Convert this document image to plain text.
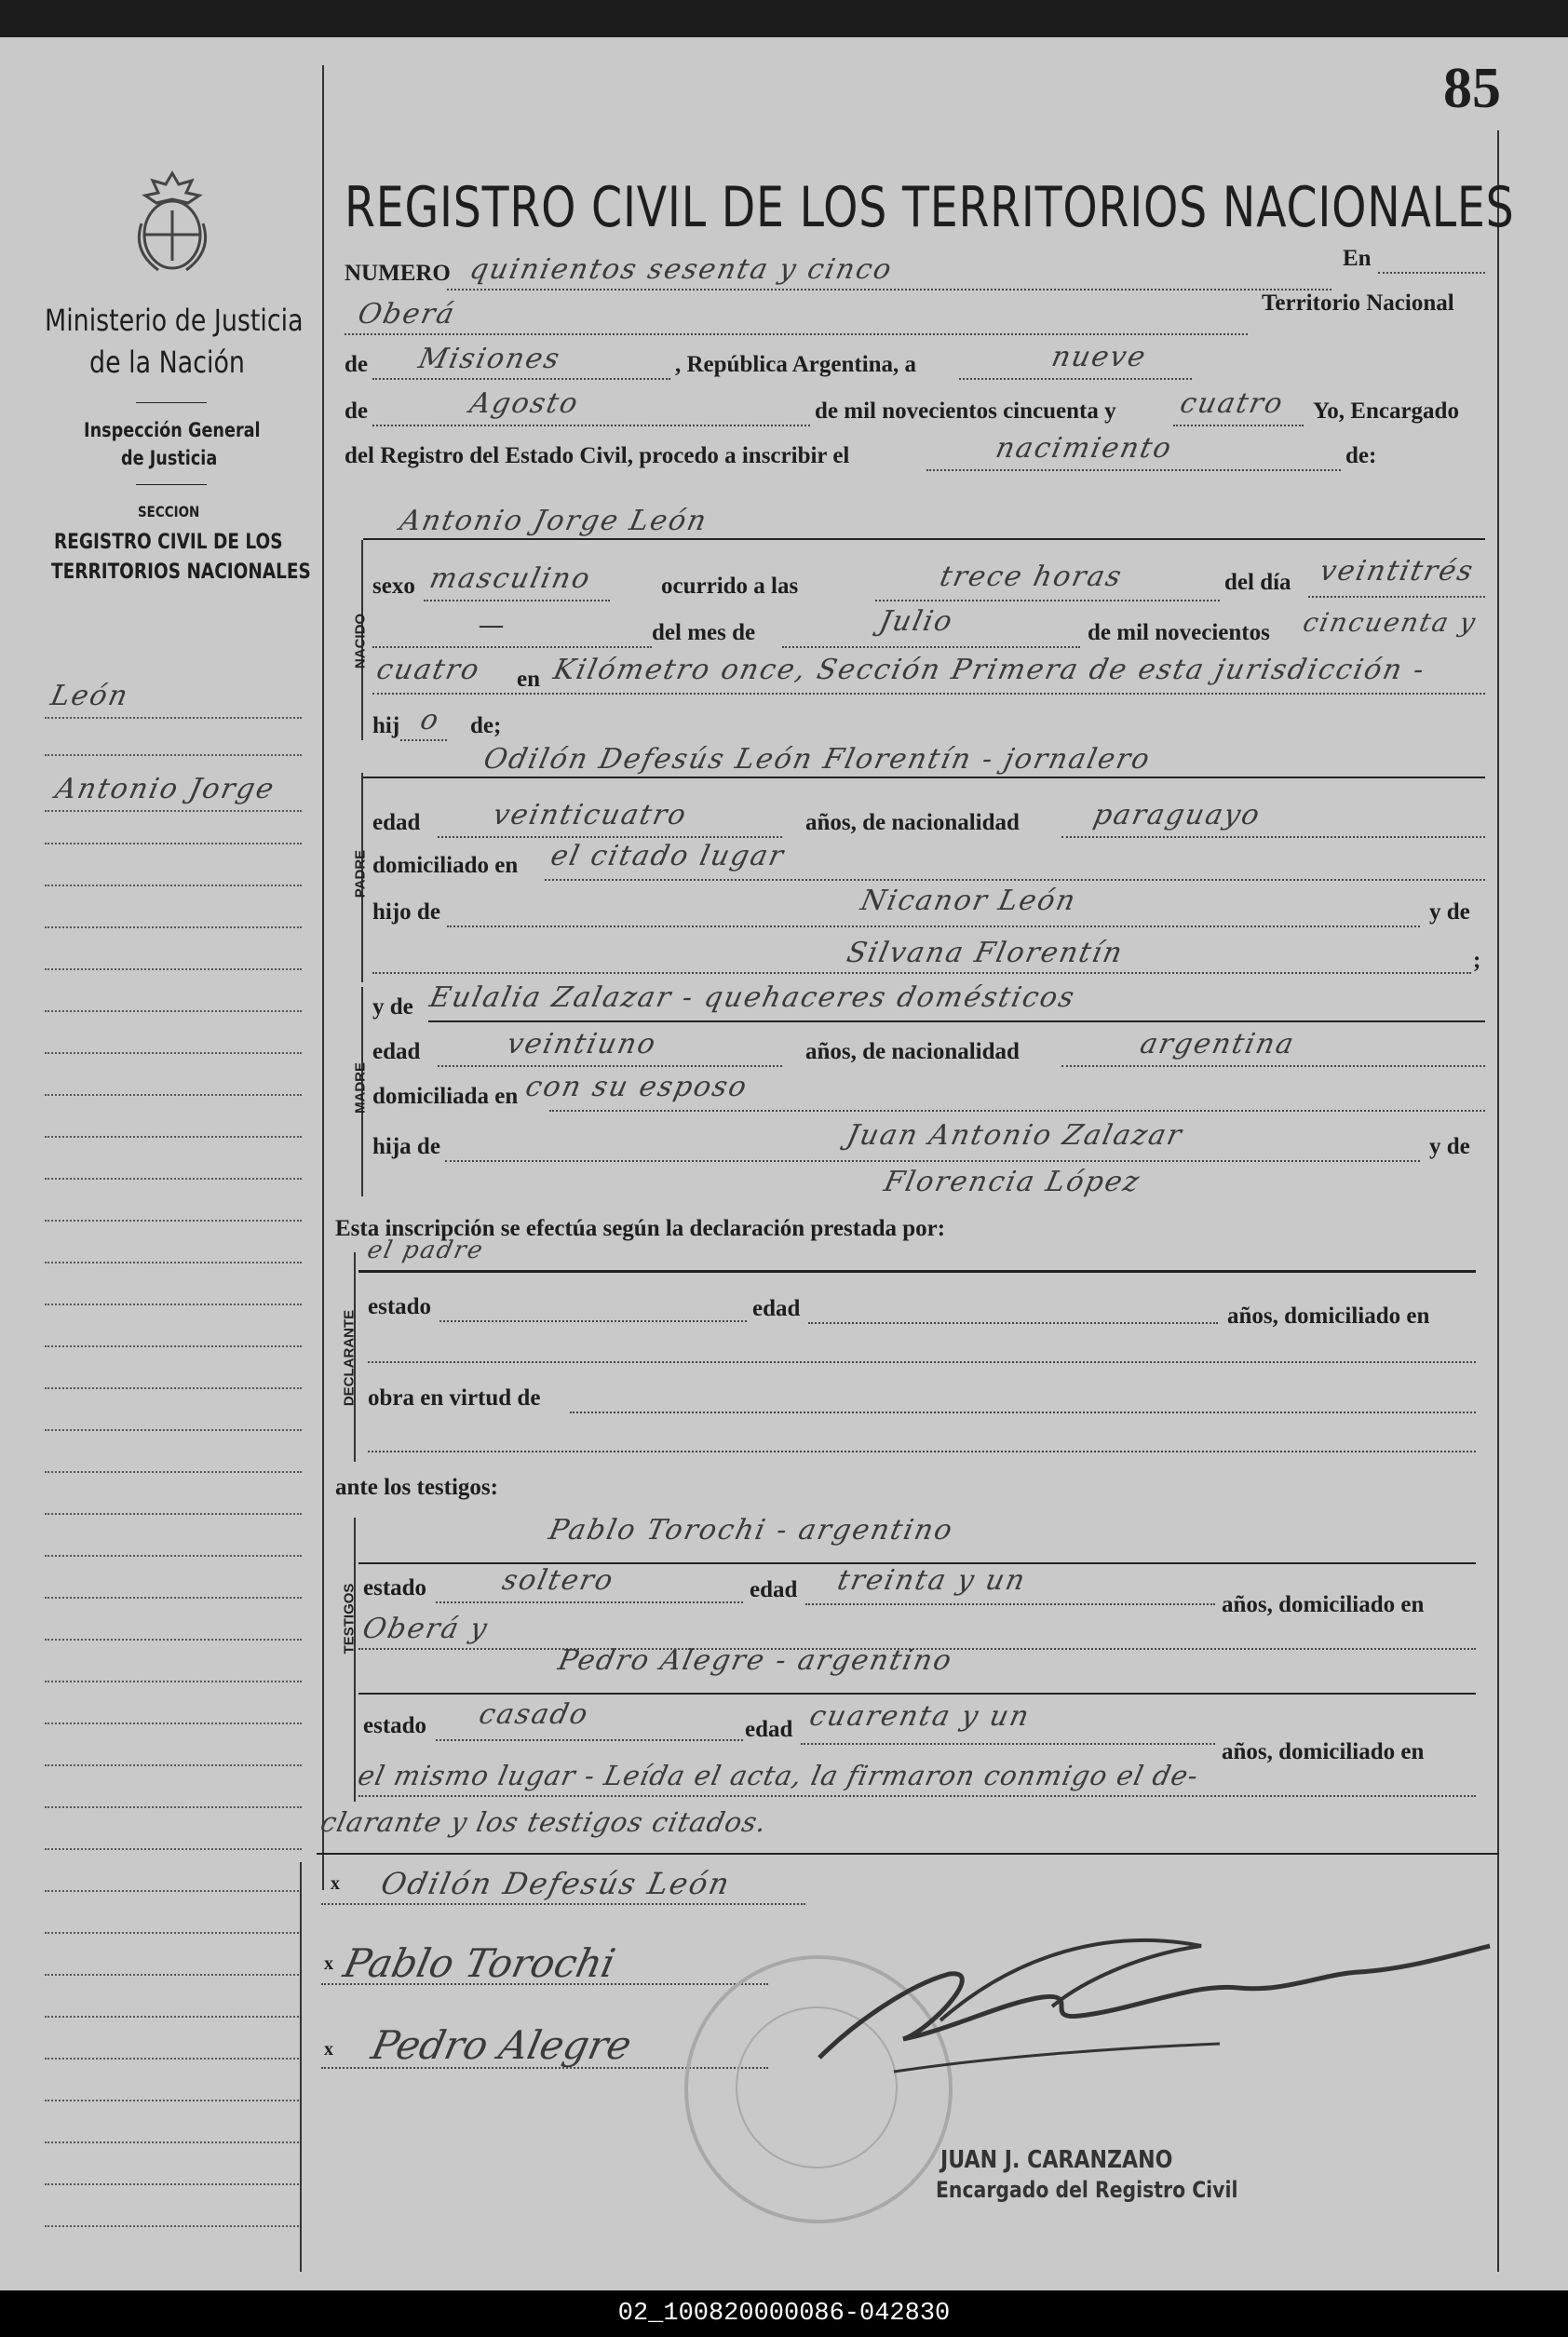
85
Ministerio de Justicia
de la Nación
Inspección General
de Justicia
SECCION
REGISTRO CIVIL DE LOS
TERRITORIOS NACIONALES
León
Antonio Jorge
REGISTRO CIVIL DE LOS TERRITORIOS NACIONALES
NUMERO quinientos sesenta y cinco	En
Oberá	Territorio Nacional
de Misiones	, República Argentina, a	nueve
de	Agosto	de mil novecientos cincuenta y cuatro Yo, Encargado
del Registro del Estado Civil, procedo a inscribir el	nacimiento	de:
NACIDO
Antonio Jorge León
sexo masculino	ocurrido a las	trece horas	del día veintitrés
—	del mes de	Julio	de mil novecientos cincuenta y
cuatro en Kilómetro once, Sección Primera de esta jurisdicción -
hij o de;
PADRE
Odilón Defesús León Florentín - jornalero
edad veinticuatro	años, de nacionalidad	paraguayo
domiciliado en el citado lugar
hijo de	Nicanor León	y de
Silvana Florentín	;
MADRE
y de Eulalia Zalazar - quehaceres domésticos
edad	veintiuno	años, de nacionalidad	argentina
domiciliada en con su esposo
hija de	Juan Antonio Zalazar	y de
Florencia López
Esta inscripción se efectúa según la declaración prestada por:
DECLARANTE
el padre
estado	edad	años, domiciliado en
obra en virtud de
ante los testigos:
TESTIGOS
Pablo Torochi - argentino
estado	soltero	edad treinta y un
años, domiciliado en
Oberá y
Pedro Alegre - argentino
estado casado	edad cuarenta y un
años, domiciliado en
el mismo lugar - Leída el acta, la firmaron conmigo el de-
clarante y los testigos citados.
x Odilón Defesús León
x Pablo Torochi
x Pedro Alegre
JUAN J. CARANZANO
Encargado del Registro Civil
02_100820000086-042830
